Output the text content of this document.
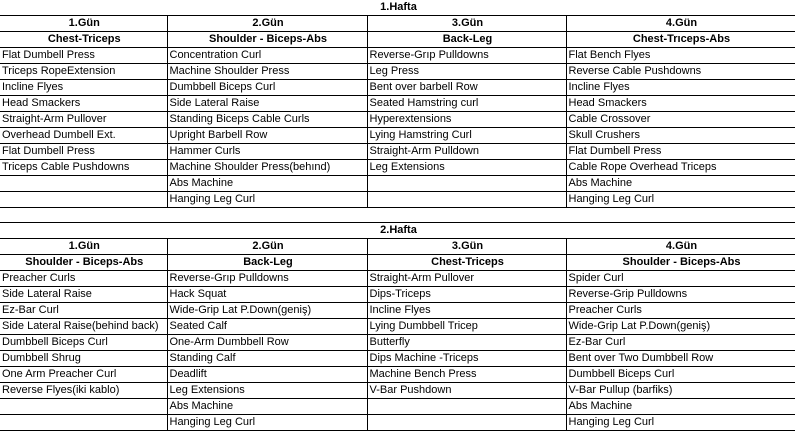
1.Hafta			
1.Gün	2.Gün	3.Gün	4.Gün
Chest-Triceps	Shoulder - Biceps-Abs	Back-Leg	Chest-Trıceps-Abs
Flat Dumbell Press	Concentration Curl	Reverse-Grıp Pulldowns	Flat Bench Flyes
Triceps RopeExtension	Machine Shoulder Press	Leg Press	Reverse Cable Pushdowns
Incline Flyes	Dumbbell Biceps Curl	Bent over barbell Row	Incline Flyes
Head Smackers	Side Lateral Raise	Seated Hamstring curl	Head Smackers
Straight-Arm Pullover	Standing Biceps Cable Curls	Hyperextensions	Cable Crossover
Overhead Dumbell Ext.	Upright Barbell Row	Lying Hamstring Curl	Skull Crushers
Flat Dumbell Press	Hammer Curls	Straight-Arm Pulldown	Flat Dumbell Press
Triceps Cable Pushdowns	Machine Shoulder Press(behınd)	Leg Extensions	Cable Rope Overhead Triceps
	Abs Machine		Abs Machine
	Hanging Leg Curl		Hanging Leg Curl

2.Hafta			
1.Gün	2.Gün	3.Gün	4.Gün
Shoulder - Biceps-Abs	Back-Leg	Chest-Triceps	Shoulder - Biceps-Abs
Preacher Curls	Reverse-Grıp Pulldowns	Straight-Arm Pullover	Spider Curl
Side Lateral Raise	Hack Squat	Dips-Triceps	Reverse-Grip Pulldowns
Ez-Bar Curl	Wide-Grip Lat P.Down(geniş)	Incline Flyes	Preacher Curls
Side Lateral Raise(behind back)	Seated Calf	Lying Dumbbell Tricep	Wide-Grip Lat P.Down(geniş)
Dumbbell Biceps Curl	One-Arm Dumbbell Row	Butterfly	Ez-Bar Curl
Dumbbell Shrug	Standing Calf	Dips Machine -Triceps	Bent over Two Dumbbell Row
One Arm Preacher Curl	Deadlift	Machine Bench Press	Dumbbell Biceps Curl
Reverse Flyes(iki kablo)	Leg Extensions	V-Bar Pushdown	V-Bar Pullup (barfiks)
	Abs Machine		Abs Machine
	Hanging Leg Curl		Hanging Leg Curl
